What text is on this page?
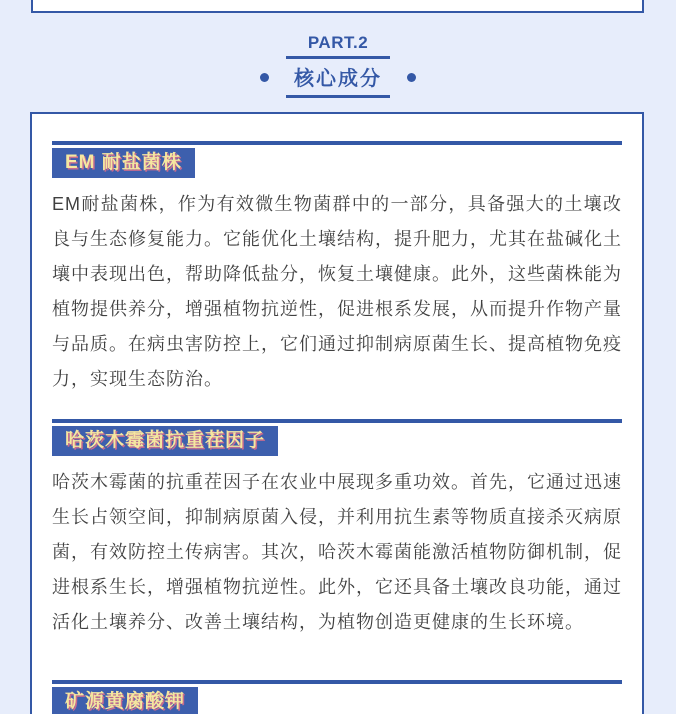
PART.2
核心成分
EM 耐盐菌株

EM耐盐菌株，作为有效微生物菌群中的一部分，具备强大的土壤改良与生态修复能力。它能优化土壤结构，提升肥力，尤其在盐碱化土壤中表现出色，帮助降低盐分，恢复土壤健康。此外，这些菌株能为植物提供养分，增强植物抗逆性，促进根系发展，从而提升作物产量与品质。在病虫害防控上，它们通过抑制病原菌生长、提高植物免疫力，实现生态防治。

哈茨木霉菌抗重茬因子

哈茨木霉菌的抗重茬因子在农业中展现多重功效。首先，它通过迅速生长占领空间，抑制病原菌入侵，并利用抗生素等物质直接杀灭病原菌，有效防控土传病害。其次，哈茨木霉菌能激活植物防御机制，促进根系生长，增强植物抗逆性。此外，它还具备土壤改良功能，通过活化土壤养分、改善土壤结构，为植物创造更健康的生长环境。

矿源黄腐酸钾
